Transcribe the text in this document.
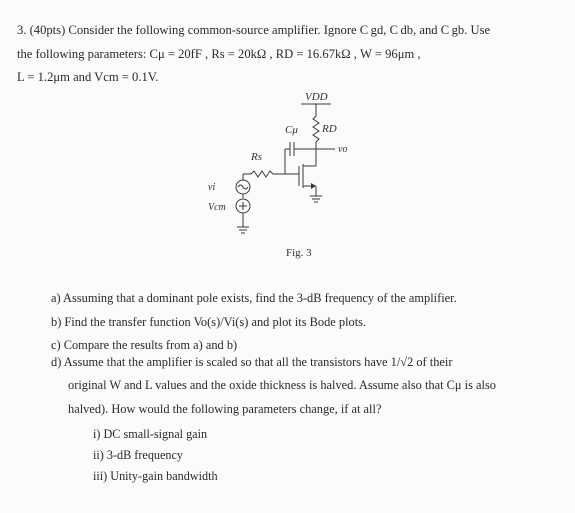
3. (40pts) Consider the following common-source amplifier. Ignore C gd, C db, and C gb. Use
the following parameters: Cμ = 20fF , Rs = 20kΩ , RD = 16.67kΩ , W = 96μm ,
L = 1.2μm and Vcm = 0.1V.
VDD
RD
vo
Cμ
Rs
vi
Vcm
Fig. 3
a) Assuming that a dominant pole exists, find the 3-dB frequency of the amplifier.
b) Find the transfer function Vo(s)/Vi(s) and plot its Bode plots.
c) Compare the results from a) and b)
d) Assume that the amplifier is scaled so that all the transistors have 1/√2 of their
original W and L values and the oxide thickness is halved. Assume also that Cμ is also
halved). How would the following parameters change, if at all?
i) DC small-signal gain
ii) 3-dB frequency
iii) Unity-gain bandwidth
